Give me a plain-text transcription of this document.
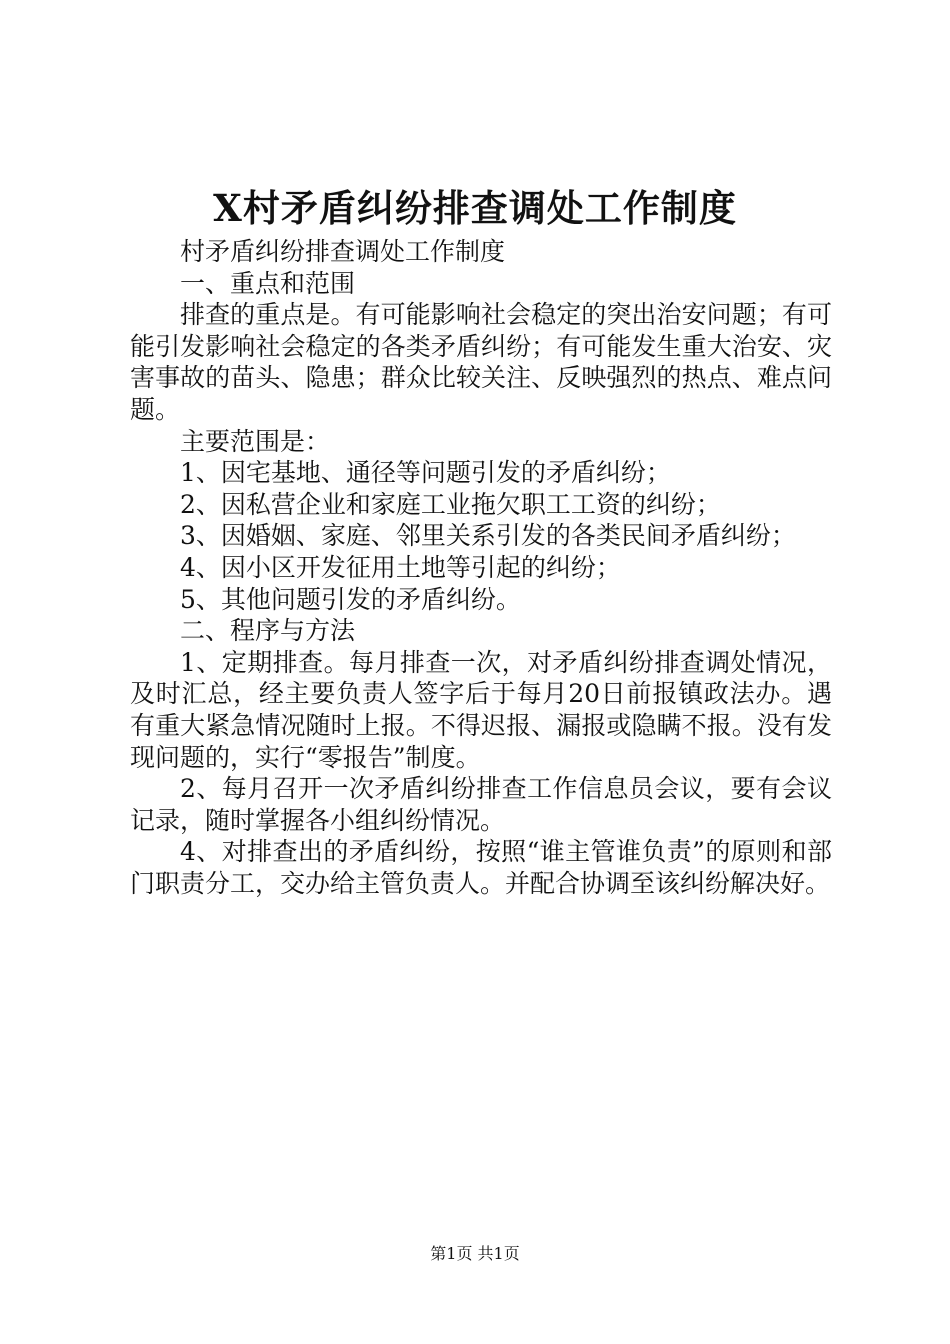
X村矛盾纠纷排查调处工作制度

村矛盾纠纷排查调处工作制度

一、重点和范围

排查的重点是。有可能影响社会稳定的突出治安问题；有可能引发影响社会稳定的各类矛盾纠纷；有可能发生重大治安、灾害事故的苗头、隐患；群众比较关注、反映强烈的热点、难点问题。

主要范围是：

1、因宅基地、通径等问题引发的矛盾纠纷；

2、因私营企业和家庭工业拖欠职工工资的纠纷；

3、因婚姻、家庭、邻里关系引发的各类民间矛盾纠纷；

4、因小区开发征用土地等引起的纠纷；

5、其他问题引发的矛盾纠纷。

二、程序与方法

1、定期排查。每月排查一次，对矛盾纠纷排查调处情况，及时汇总，经主要负责人签字后于每月20日前报镇政法办。遇有重大紧急情况随时上报。不得迟报、漏报或隐瞒不报。没有发现问题的，实行“零报告”制度。

2、每月召开一次矛盾纠纷排查工作信息员会议，要有会议记录，随时掌握各小组纠纷情况。

4、对排查出的矛盾纠纷，按照“谁主管谁负责”的原则和部门职责分工，交办给主管负责人。并配合协调至该纠纷解决好。

第1页 共1页
